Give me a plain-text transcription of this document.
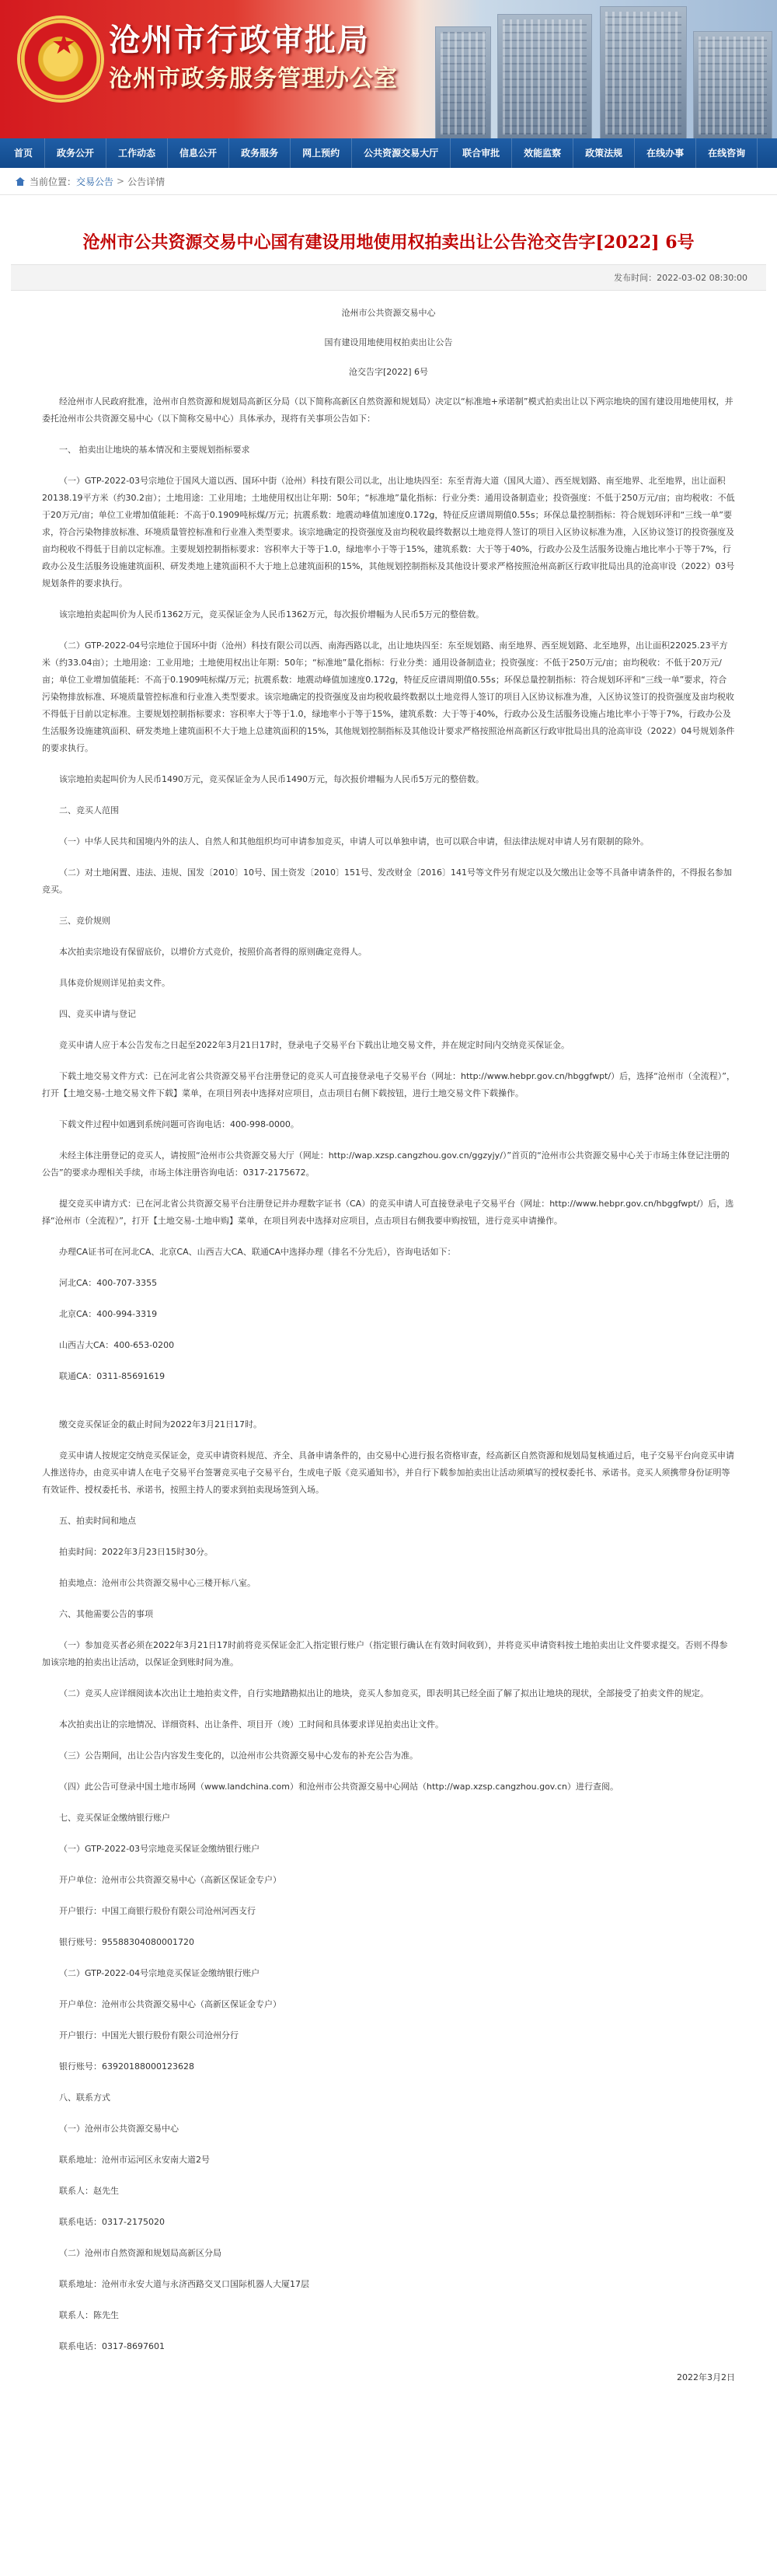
★ 沧州市行政审批局
沧州市政务服务管理办公室
首页	政务公开	工作动态	信息公开	政务服务	网上预约	公共资源交易大厅	联合审批	效能监察	政策法规	在线办事	在线咨询
当前位置： 交易公告 > 公告详情
沧州市公共资源交易中心国有建设用地使用权拍卖出让公告沧交告字[2022] 6号
发布时间：2022-03-02 08:30:00

沧州市公共资源交易中心

国有建设用地使用权拍卖出让公告

沧交告字[2022] 6号

经沧州市人民政府批准，沧州市自然资源和规划局高新区分局（以下简称高新区自然资源和规划局）决定以“标准地+承诺制”模式拍卖出让以下两宗地块的国有建设用地使用权，并委托沧州市公共资源交易中心（以下简称交易中心）具体承办，现将有关事项公告如下：

一、 拍卖出让地块的基本情况和主要规划指标要求

（一）GTP-2022-03号宗地位于国风大道以西、国环中街（沧州）科技有限公司以北，出让地块四至：东至青海大道（国风大道）、西至规划路、南至地界、北至地界，出让面积20138.19平方米（约30.2亩）；土地用途：工业用地；土地使用权出让年期：50年；“标准地”量化指标：行业分类：通用设备制造业；投资强度：不低于250万元/亩；亩均税收：不低于20万元/亩；单位工业增加值能耗：不高于0.1909吨标煤/万元；抗震系数：地震动峰值加速度0.172g，特征反应谱周期值0.55s；环保总量控制指标：符合规划环评和“三线一单”要求，符合污染物排放标准、环境质量管控标准和行业准入类型要求。该宗地确定的投资强度及亩均税收最终数据以土地竞得人签订的项目入区协议标准为准，入区协议签订的投资强度及亩均税收不得低于目前以定标准。主要规划控制指标要求：容积率大于等于1.0，绿地率小于等于15%，建筑系数：大于等于40%，行政办公及生活服务设施占地比率小于等于7%，行政办公及生活服务设施建筑面积、研发类地上建筑面积不大于地上总建筑面积的15%，其他规划控制指标及其他设计要求严格按照沧州高新区行政审批局出具的沧高审设（2022）03号规划条件的要求执行。

该宗地拍卖起叫价为人民币1362万元，竞买保证金为人民币1362万元，每次报价增幅为人民币5万元的整倍数。

（二）GTP-2022-04号宗地位于国环中街（沧州）科技有限公司以西、南海西路以北，出让地块四至：东至规划路、南至地界、西至规划路、北至地界，出让面积22025.23平方米（约33.04亩）；土地用途：工业用地；土地使用权出让年期：50年；“标准地”量化指标：行业分类：通用设备制造业；投资强度：不低于250万元/亩；亩均税收：不低于20万元/亩；单位工业增加值能耗：不高于0.1909吨标煤/万元；抗震系数：地震动峰值加速度0.172g，特征反应谱周期值0.55s；环保总量控制指标：符合规划环评和“三线一单”要求，符合污染物排放标准、环境质量管控标准和行业准入类型要求。该宗地确定的投资强度及亩均税收最终数据以土地竞得人签订的项目入区协议标准为准，入区协议签订的投资强度及亩均税收不得低于目前以定标准。主要规划控制指标要求：容积率大于等于1.0，绿地率小于等于15%，建筑系数：大于等于40%，行政办公及生活服务设施占地比率小于等于7%，行政办公及生活服务设施建筑面积、研发类地上建筑面积不大于地上总建筑面积的15%，其他规划控制指标及其他设计要求严格按照沧州高新区行政审批局出具的沧高审设（2022）04号规划条件的要求执行。

该宗地拍卖起叫价为人民币1490万元，竞买保证金为人民币1490万元，每次报价增幅为人民币5万元的整倍数。

二、竞买人范围

（一）中华人民共和国境内外的法人、自然人和其他组织均可申请参加竞买，申请人可以单独申请，也可以联合申请，但法律法规对申请人另有限制的除外。

（二）对土地闲置、违法、违规、国发〔2010〕10号、国土资发〔2010〕151号、发改财金〔2016〕141号等文件另有规定以及欠缴出让金等不具备申请条件的，不得报名参加竞买。

三、竞价规则

本次拍卖宗地设有保留底价，以增价方式竞价，按照价高者得的原则确定竞得人。

具体竞价规则详见拍卖文件。

四、竞买申请与登记

竞买申请人应于本公告发布之日起至2022年3月21日17时，登录电子交易平台下载出让地交易文件，并在规定时间内交纳竞买保证金。

下载土地交易文件方式：已在河北省公共资源交易平台注册登记的竞买人可直接登录电子交易平台（网址：http://www.hebpr.gov.cn/hbggfwpt/）后，选择“沧州市（全流程）”，打开【土地交易-土地交易文件下载】菜单，在项目列表中选择对应项目，点击项目右侧下载按钮，进行土地交易文件下载操作。

下载文件过程中如遇到系统问题可咨询电话：400-998-0000。

未经主体注册登记的竞买人，请按照“沧州市公共资源交易大厅（网址：http://wap.xzsp.cangzhou.gov.cn/ggzyjy/）”首页的“沧州市公共资源交易中心关于市场主体登记注册的公告”的要求办理相关手续，市场主体注册咨询电话：0317-2175672。

提交竞买申请方式：已在河北省公共资源交易平台注册登记并办理数字证书（CA）的竞买申请人可直接登录电子交易平台（网址：http://www.hebpr.gov.cn/hbggfwpt/）后，选择“沧州市（全流程）”，打开【土地交易-土地申购】菜单，在项目列表中选择对应项目，点击项目右侧我要申购按钮，进行竞买申请操作。

办理CA证书可在河北CA、北京CA、山西吉大CA、联通CA中选择办理（排名不分先后），咨询电话如下：

河北CA：400-707-3355

北京CA：400-994-3319

山西吉大CA：400-653-0200

联通CA：0311-85691619

缴交竞买保证金的截止时间为2022年3月21日17时。

竞买申请人按规定交纳竞买保证金，竞买申请资料规范、齐全、具备申请条件的，由交易中心进行报名资格审查，经高新区自然资源和规划局复核通过后，电子交易平台向竞买申请人推送待办，由竞买申请人在电子交易平台签署竞买电子交易平台，生成电子版《竞买通知书》，并自行下载参加拍卖出让活动须填写的授权委托书、承诺书。竞买人须携带身份证明等有效证件、授权委托书、承诺书，按照主持人的要求到拍卖现场签到入场。

五、拍卖时间和地点

拍卖时间：2022年3月23日15时30分。

拍卖地点：沧州市公共资源交易中心三楼开标八室。

六、其他需要公告的事项

（一）参加竞买者必须在2022年3月21日17时前将竞买保证金汇入指定银行账户（指定银行确认在有效时间收到），并将竞买申请资料按土地拍卖出让文件要求提交。否则不得参加该宗地的拍卖出让活动，以保证金到账时间为准。

（二）竞买人应详细阅读本次出让土地拍卖文件，自行实地踏勘拟出让的地块，竞买人参加竞买，即表明其已经全面了解了拟出让地块的现状，全部接受了拍卖文件的规定。

本次拍卖出让的宗地情况、详细资料、出让条件、项目开（竣）工时间和具体要求详见拍卖出让文件。

（三）公告期间，出让公告内容发生变化的，以沧州市公共资源交易中心发布的补充公告为准。

（四）此公告可登录中国土地市场网（www.landchina.com）和沧州市公共资源交易中心网站（http://wap.xzsp.cangzhou.gov.cn）进行查阅。

七、竞买保证金缴纳银行账户

（一）GTP-2022-03号宗地竞买保证金缴纳银行账户

开户单位：沧州市公共资源交易中心（高新区保证金专户）

开户银行：中国工商银行股份有限公司沧州河西支行

银行账号：95588304080001720

（二）GTP-2022-04号宗地竞买保证金缴纳银行账户

开户单位：沧州市公共资源交易中心（高新区保证金专户）

开户银行：中国光大银行股份有限公司沧州分行

银行账号：63920188000123628

八、联系方式

（一）沧州市公共资源交易中心

联系地址：沧州市运河区永安南大道2号

联系人：赵先生

联系电话：0317-2175020

（二）沧州市自然资源和规划局高新区分局

联系地址：沧州市永安大道与永济西路交叉口国际机器人大厦17层

联系人：陈先生

联系电话：0317-8697601

2022年3月2日
